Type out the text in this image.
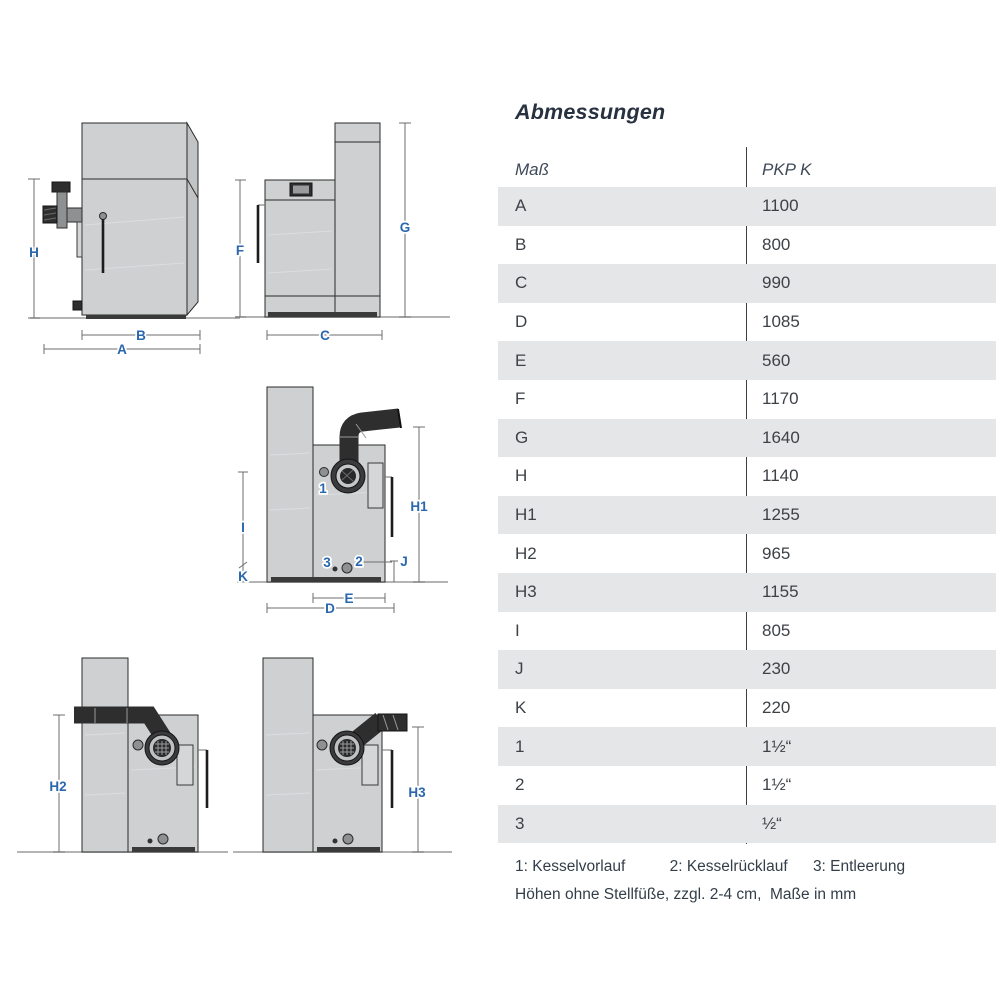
H
B
A
F
G
C
1
3 2
I
K
H1
J
E
D
H2	H3
Abmessungen
Maß	PKP K
A	1100
B	800
C	990
D	1085
E	560
F	1170
G	1640
H	1140
H1	1255
H2	965
H3	1155
I	805
J	230
K	220
1	1½“
2	1½“
3	½“
1: Kesselvorlauf	2: Kesselrücklauf 3: Entleerung
Höhen ohne Stellfüße, zzgl. 2-4 cm,  Maße in mm
